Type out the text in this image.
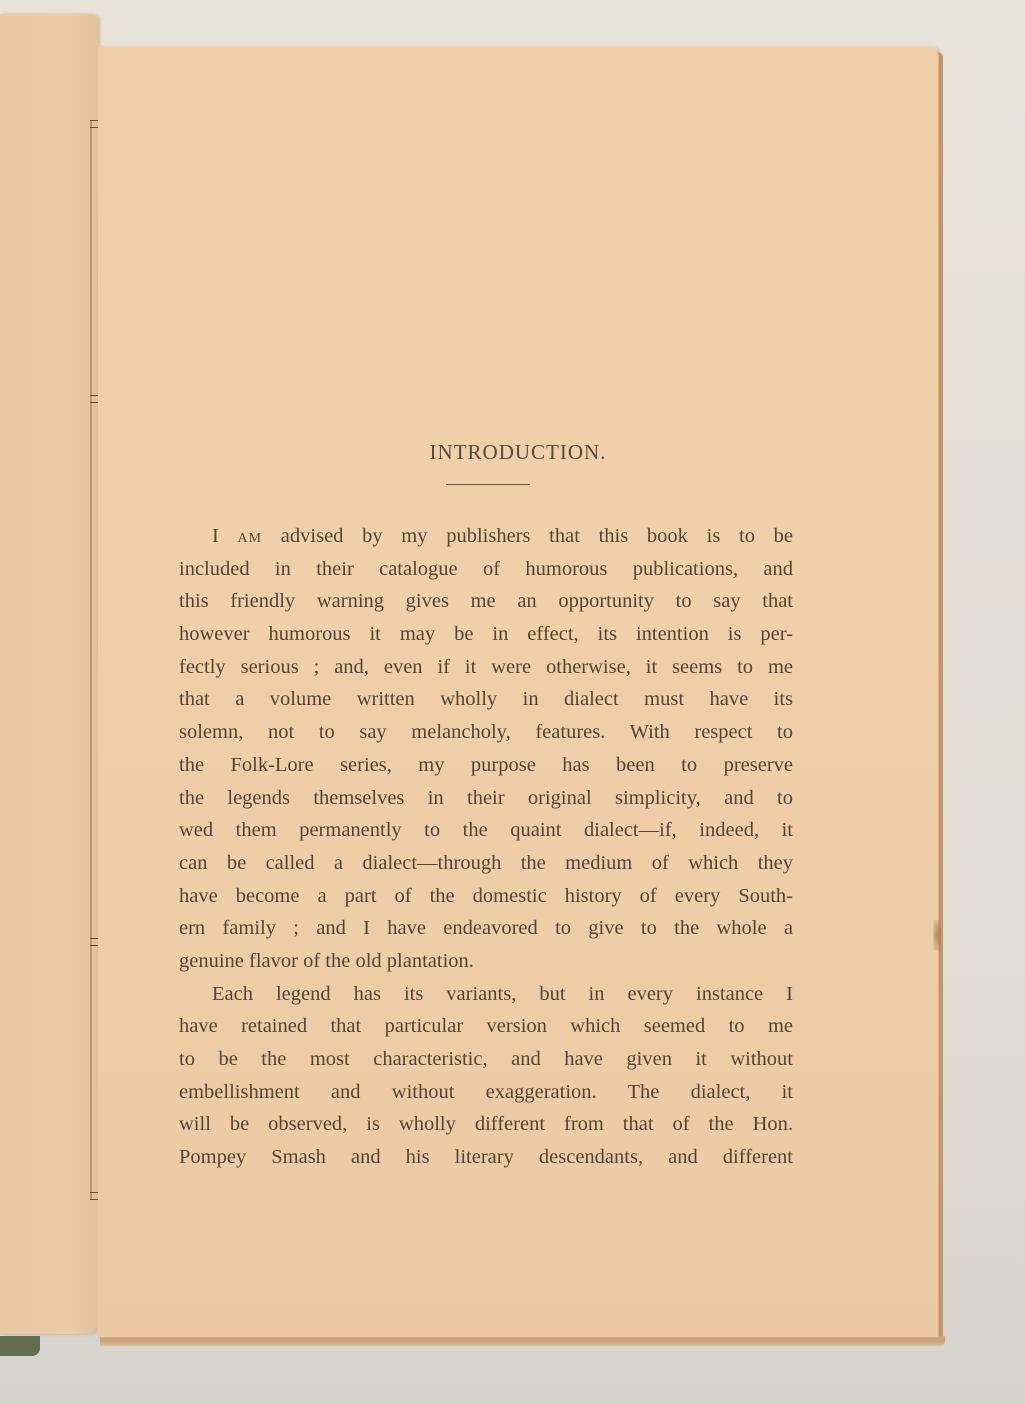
INTRODUCTION.
I am advised by my publishers that this book is to be
included in their catalogue of humorous publications, and
this friendly warning gives me an opportunity to say that
however humorous it may be in effect, its intention is per-
fectly serious ; and, even if it were otherwise, it seems to me
that a volume written wholly in dialect must have its
solemn, not to say melancholy, features. With respect to
the Folk-Lore series, my purpose has been to preserve
the legends themselves in their original simplicity, and to
wed them permanently to the quaint dialect—if, indeed, it
can be called a dialect—through the medium of which they
have become a part of the domestic history of every South-
ern family ; and I have endeavored to give to the whole a
genuine flavor of the old plantation.
Each legend has its variants, but in every instance I
have retained that particular version which seemed to me
to be the most characteristic, and have given it without
embellishment and without exaggeration. The dialect, it
will be observed, is wholly different from that of the Hon.
Pompey Smash and his literary descendants, and different
